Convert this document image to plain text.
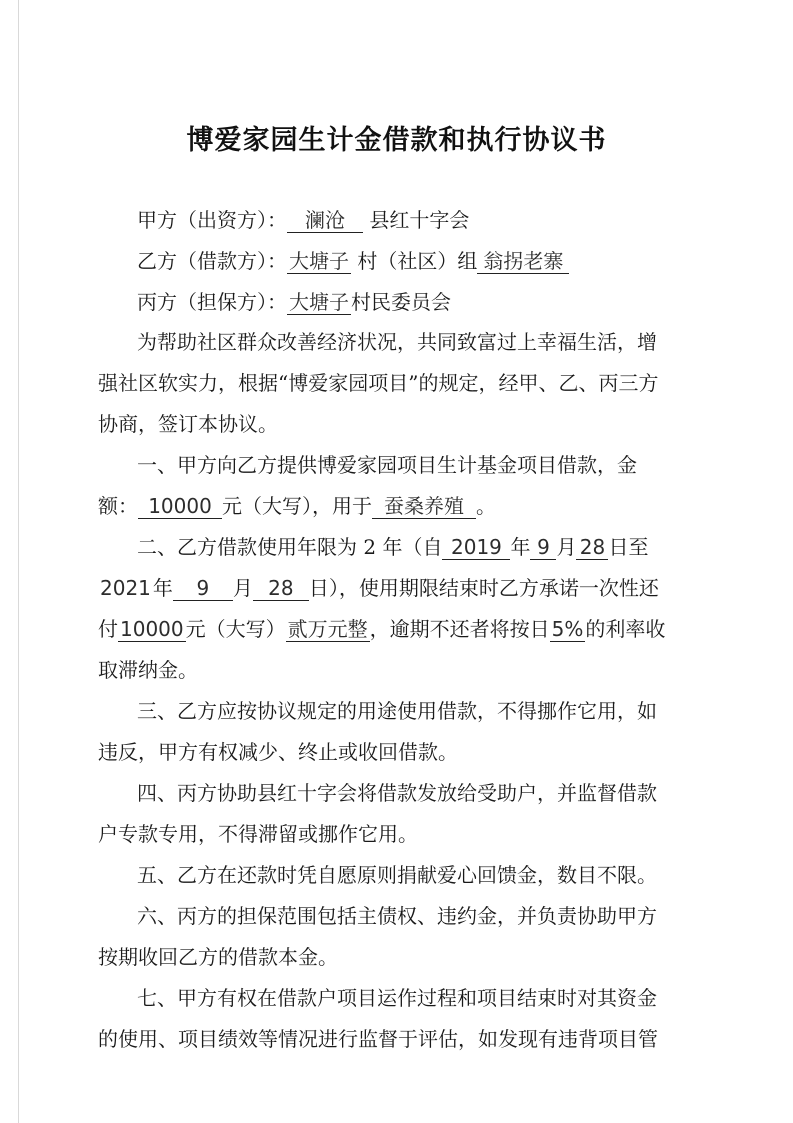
博爱家园生计金借款和执行协议书
甲方（出资方）： 澜沧 县红十字会
乙方（借款方）： 大塘子 村（社区）组 翁拐老寨
丙方（担保方）： 大塘子 村民委员会
为帮助社区群众改善经济状况，共同致富过上幸福生活，增
强社区软实力，根据“博爱家园项目”的规定，经甲、乙、丙三方
协商，签订本协议。
一、甲方向乙方提供博爱家园项目生计基金项目借款，金
额： 10000 元（大写），用于 蚕桑养殖 。
二、乙方借款使用年限为 2 年（自 2019 年 9 月 28 日至
2021 年 9 月 28 日），使用期限结束时乙方承诺一次性还
付 10000 元（大写） 贰万元整 ，逾期不还者将按日 5% 的利率收
取滞纳金。
三、乙方应按协议规定的用途使用借款，不得挪作它用，如
违反，甲方有权减少、终止或收回借款。
四、丙方协助县红十字会将借款发放给受助户，并监督借款
户专款专用，不得滞留或挪作它用。
五、乙方在还款时凭自愿原则捐献爱心回馈金，数目不限。
六、丙方的担保范围包括主债权、违约金，并负责协助甲方
按期收回乙方的借款本金。
七、甲方有权在借款户项目运作过程和项目结束时对其资金
的使用、项目绩效等情况进行监督于评估，如发现有违背项目管
